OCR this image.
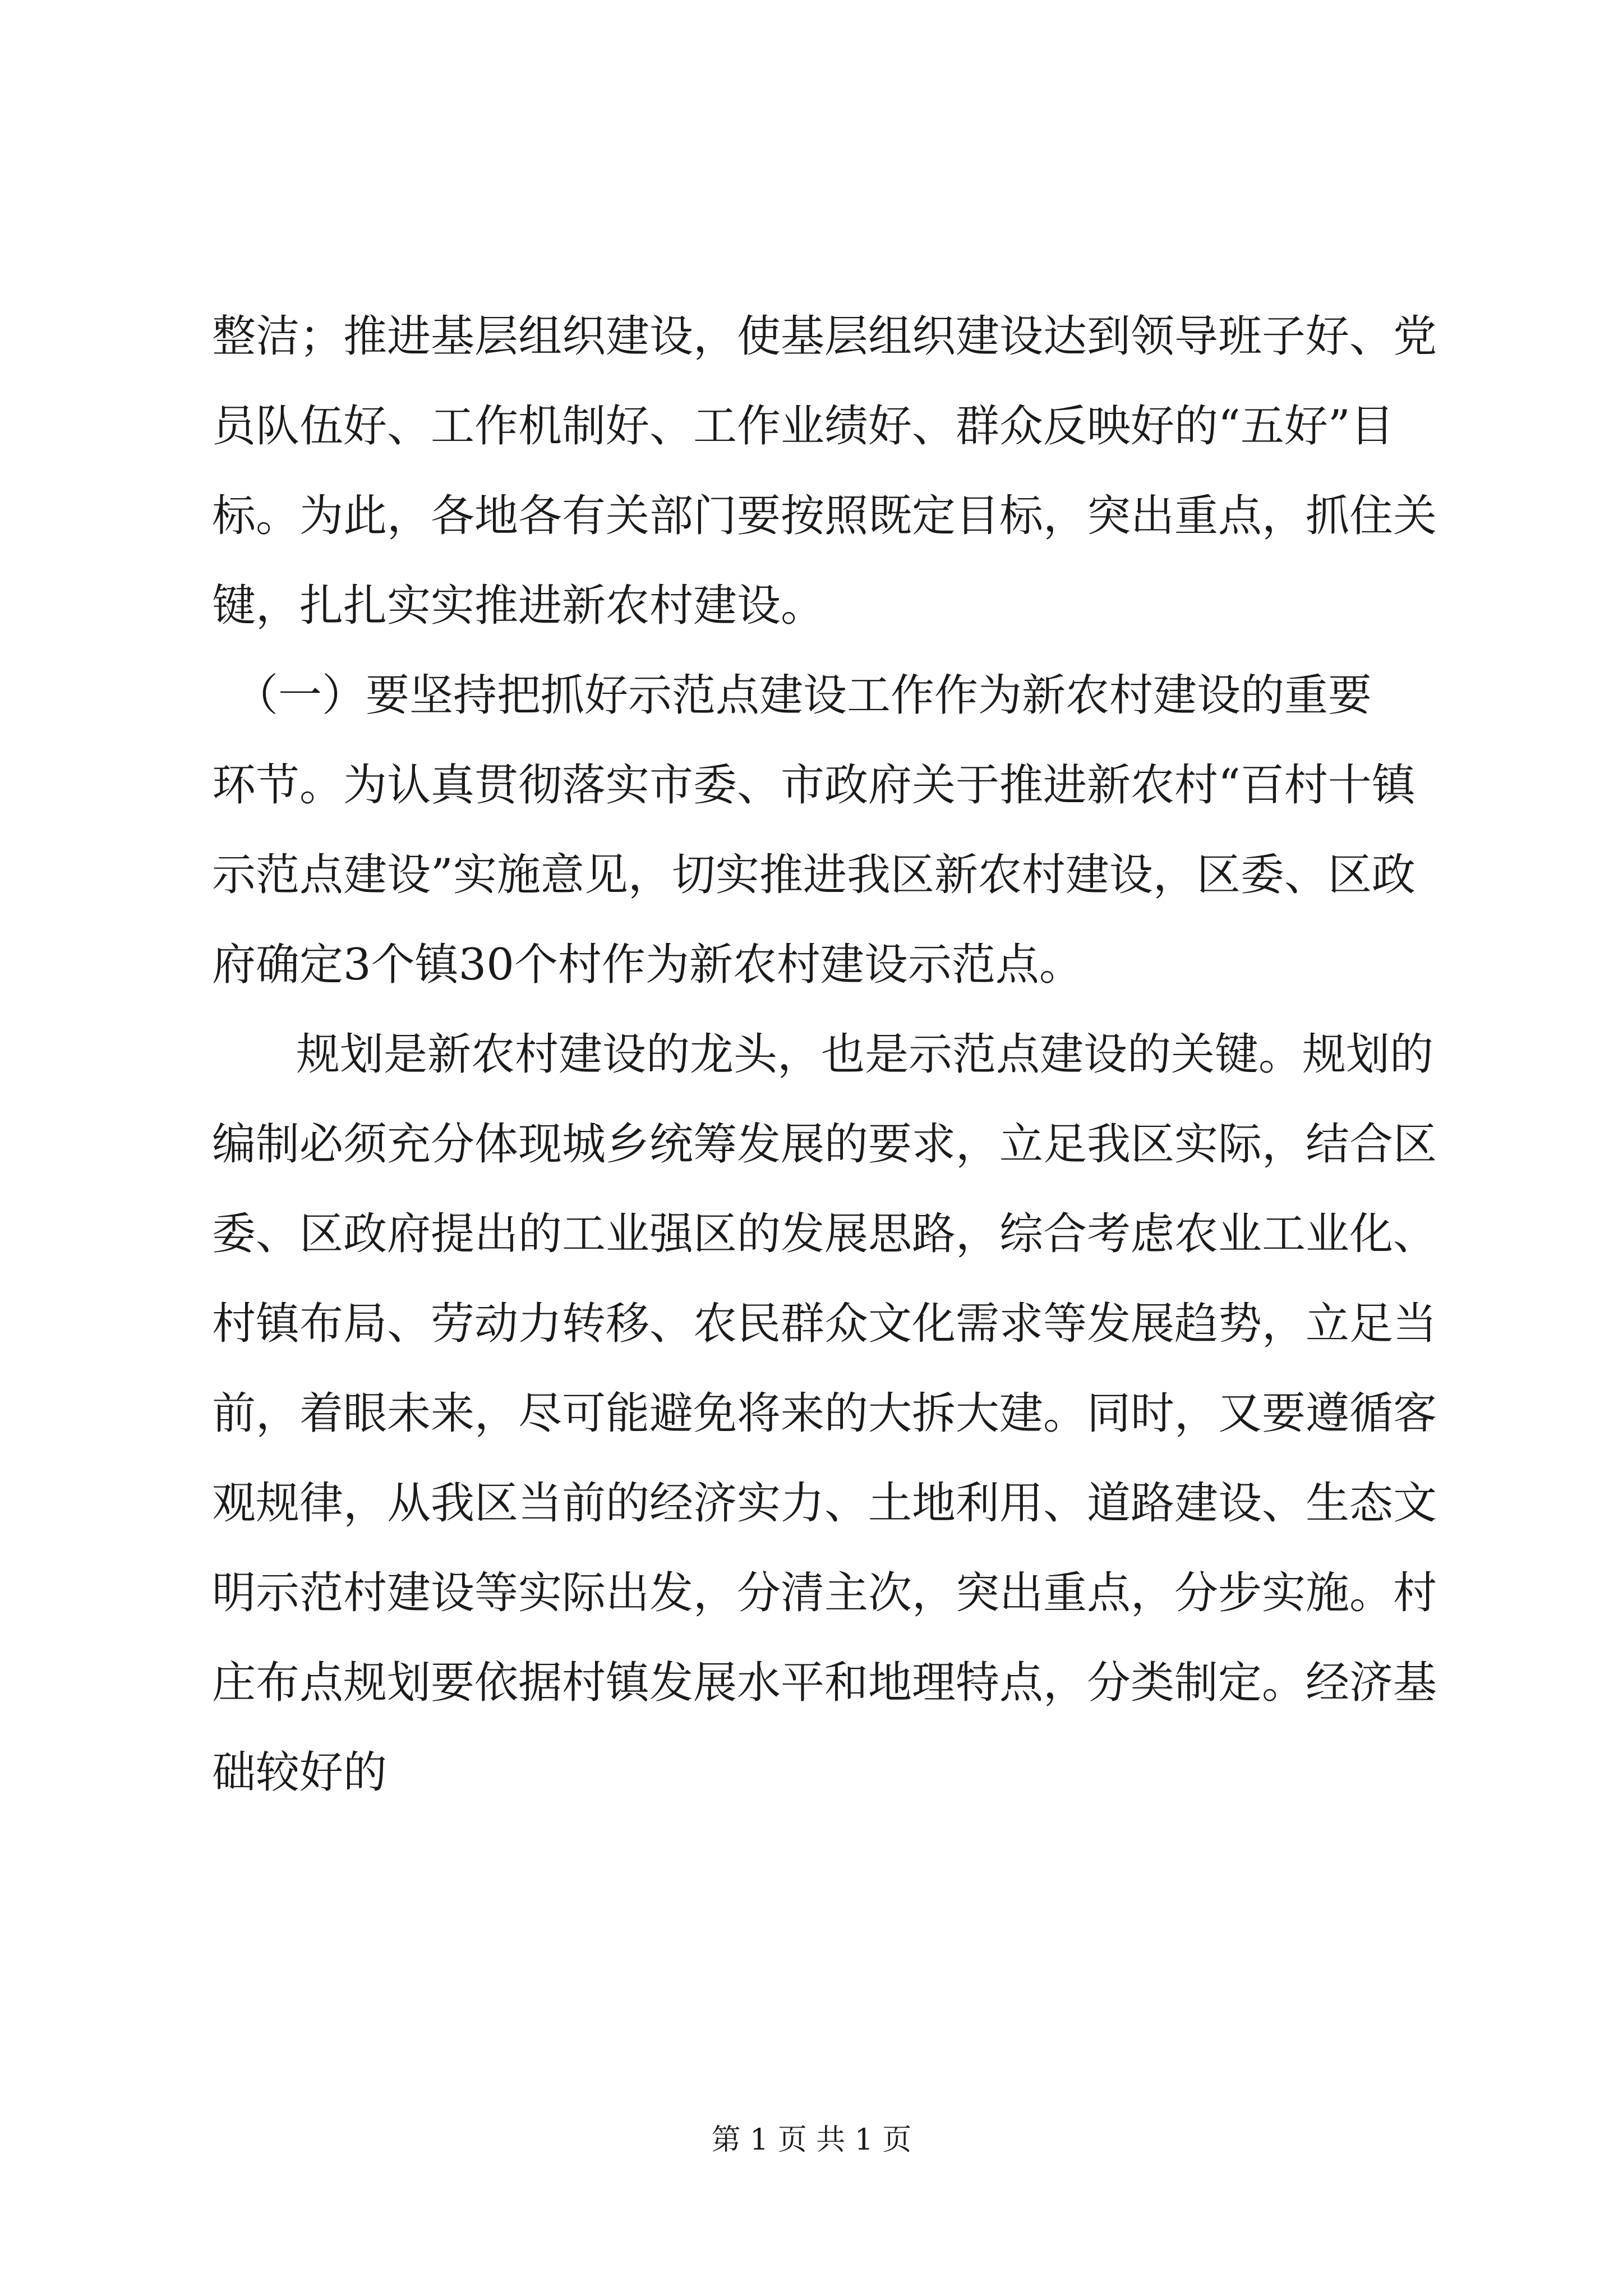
整洁；推进基层组织建设，使基层组织建设达到领导班子好、党
员队伍好、工作机制好、工作业绩好、群众反映好的“五好”目
标。为此，各地各有关部门要按照既定目标，突出重点，抓住关
键，扎扎实实推进新农村建设。
（一）要坚持把抓好示范点建设工作作为新农村建设的重要
环节。为认真贯彻落实市委、市政府关于推进新农村“百村十镇
示范点建设”实施意见，切实推进我区新农村建设，区委、区政
府确定3个镇30个村作为新农村建设示范点。
规划是新农村建设的龙头，也是示范点建设的关键。规划的
编制必须充分体现城乡统筹发展的要求，立足我区实际，结合区
委、区政府提出的工业强区的发展思路，综合考虑农业工业化、
村镇布局、劳动力转移、农民群众文化需求等发展趋势，立足当
前，着眼未来，尽可能避免将来的大拆大建。同时，又要遵循客
观规律，从我区当前的经济实力、土地利用、道路建设、生态文
明示范村建设等实际出发，分清主次，突出重点，分步实施。村
庄布点规划要依据村镇发展水平和地理特点，分类制定。经济基
础较好的
第 1 页 共 1 页
